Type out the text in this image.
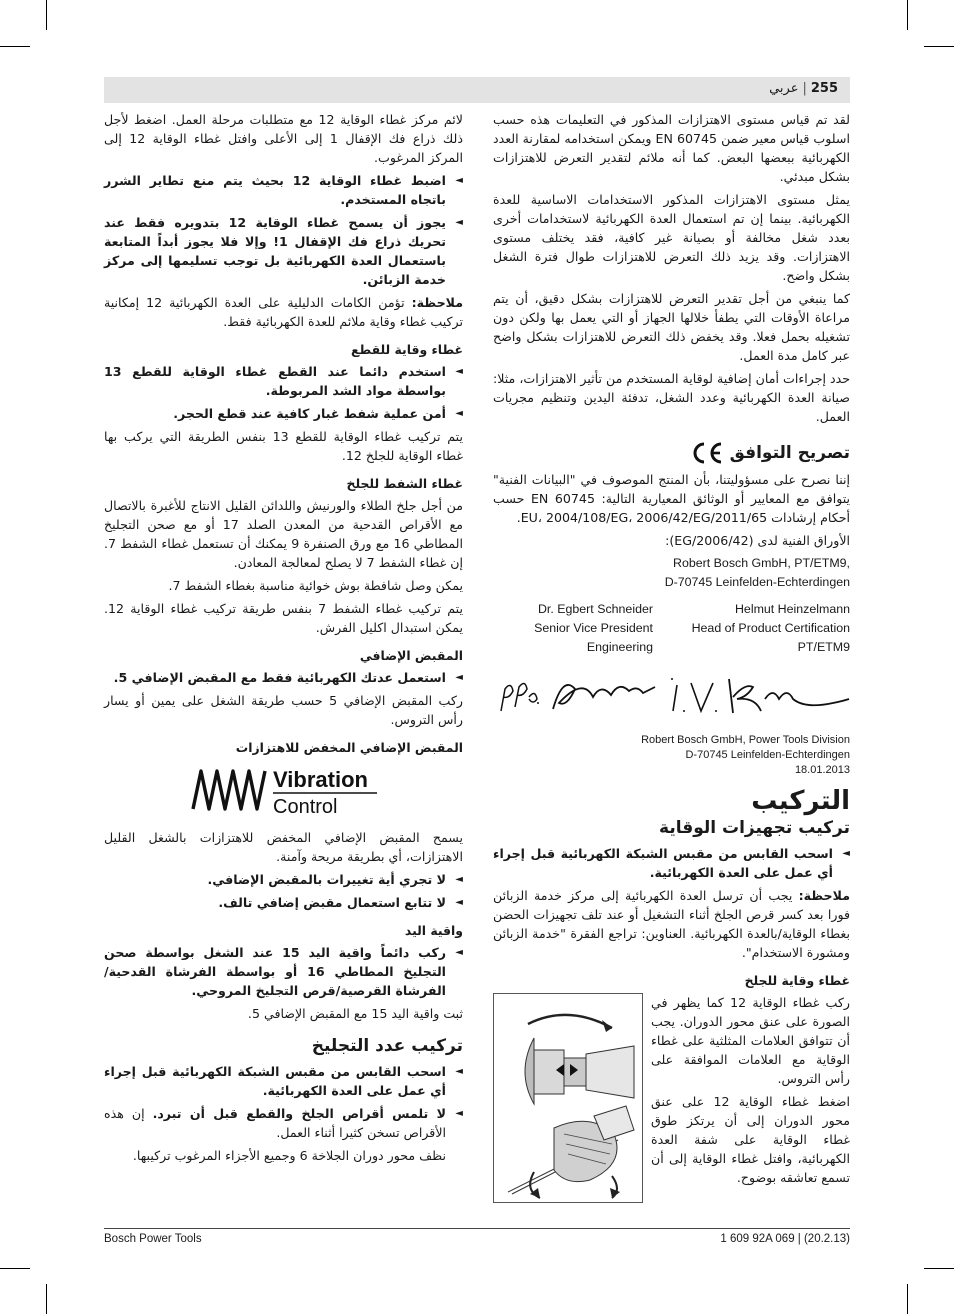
255|عربي

لقد تم قياس مستوى الاهتزازات المذكور في التعليمات هذه حسب اسلوب قياس معير ضمن EN 60745 ويمكن استخدامه لمقارنة العدد الكهربائية ببعضها البعض. كما أنه ملائم لتقدير التعرض للاهتزازات بشكل مبدئي.

يمثل مستوى الاهتزازات المذكور الاستخدامات الاساسية للعدة الكهربائية. بينما إن تم استعمال العدة الكهربائية لاستخدامات أخرى بعدد شغل مخالفة أو بصيانة غير كافية، فقد يختلف مستوى الاهتزازات. وقد يزيد ذلك التعرض للاهتزازات طوال فترة الشغل بشكل واضح.

كما ينبغي من أجل تقدير التعرض للاهتزازات بشكل دقيق، أن يتم مراعاة الأوقات التي يطفأ خلالها الجهاز أو التي يعمل بها ولكن دون تشغيله بحمل فعلا. وقد يخفض ذلك التعرض للاهتزازات بشكل واضح عبر كامل مدة العمل.

حدد إجراءات أمان إضافية لوقاية المستخدم من تأثير الاهتزازات، مثلا: صيانة العدة الكهربائية وعدد الشغل، تدفئة اليدين وتنظيم مجريات العمل.

تصريح التوافق

إننا نصرح على مسؤوليتنا، بأن المنتج الموصوف في "البيانات الفنية" يتوافق مع المعايير أو الوثائق المعيارية التالية: EN 60745 حسب أحكام إرشادات 2011/65/EU، 2004/108/EG، 2006/42/EG.

الأوراق الفنية لدى (2006/42/EG):

Robert Bosch GmbH, PT/ETM9,
D-70745 Leinfelden-Echterdingen
Dr. Egbert Schneider
Senior Vice President
Engineering
Helmut Heinzelmann
Head of Product Certification
PT/ETM9
Robert Bosch GmbH, Power Tools Division
D-70745 Leinfelden-Echterdingen
18.01.2013
التركيب
تركيب تجهيزات الوقاية
◄ اسحب القابس من مقبس الشبكة الكهربائية قبل إجراء أي عمل على العدة الكهربائية.

ملاحظة: يجب أن ترسل العدة الكهربائية إلى مركز خدمة الزبائن فورا بعد كسر قرص الجلخ أثناء التشغيل أو عند تلف تجهيزات الحضن بغطاء الوقاية/بالعدة الكهربائية. العناوين: تراجع الفقرة "خدمة الزبائن ومشورة الاستخدام".

غطاء وقاية للجلخ

ركب غطاء الوقاية 12 كما يظهر في الصورة على عنق محور الدوران. يجب أن تتوافق العلامات المثلثية على غطاء الوقاية مع العلامات الموافقة على رأس التروس.

اضغط غطاء الوقاية 12 على عنق محور الدوران إلى أن يرتكز طوق غطاء الوقاية على شفة العدة الكهربائية، وافتل غطاء الوقاية إلى أن تسمع تعاشقه بوضوح.

لائم مركز غطاء الوقاية 12 مع متطلبات مرحلة العمل. اضغط لأجل ذلك ذراع فك الإقفال 1 إلى الأعلى وافتل غطاء الوقاية 12 إلى المركز المرغوب.

◄ اضبط غطاء الوقاية 12 بحيث يتم منع تطاير الشرر باتجاه المستخدم.
◄ يجوز أن يسمح غطاء الوقاية 12 بتدويره فقط عند تحريك ذراع فك الإقفال 1! وإلا فلا يجوز أبداً المتابعة باستعمال العدة الكهربائية بل توجب تسليمها إلى مركز خدمة الزبائن.

ملاحظة: تؤمن الكامات الدليلية على العدة الكهربائية 12 إمكانية تركيب غطاء وقاية ملائم للعدة الكهربائية فقط.

غطاء وقاية للقطع
◄ استخدم دائما عند القطع غطاء الوقاية للقطع 13 بواسطة مواد الشد المربوطة.
◄ أمن عملية شفط غبار كافية عند قطع الحجر.

يتم تركيب غطاء الوقاية للقطع 13 بنفس الطريقة التي يركب بها غطاء الوقاية للجلخ 12.

غطاء الشفط للجلخ

من أجل جلخ الطلاء والورنيش واللدائن القليل الانتاج للأغبرة بالاتصال مع الأقراص القدحية من المعدن الصلد 17 أو مع صحن التجليخ المطاطي 16 مع ورق الصنفرة 9 يمكنك أن تستعمل غطاء الشفط 7. إن غطاء الشفط 7 لا يصلح لمعالجة المعادن.

يمكن وصل شافطة بوش خوائية مناسبة بغطاء الشفط 7.

يتم تركيب غطاء الشفط 7 بنفس طريقة تركيب غطاء الوقاية 12. يمكن استبدال اكليل الفرش.

المقبض الإضافي
◄ استعمل عدتك الكهربائية فقط مع المقبض الإضافي 5.

ركب المقبض الإضافي 5 حسب طريقة الشغل على يمين أو يسار رأس التروس.

المقبض الإضافي المخفض للاهتزازات
Vibration
Control

يسمح المقبض الإضافي المخفض للاهتزازات بالشغل القليل الاهتزازات، أي بطريقة مريحة وآمنة.

◄ لا تجري أية تغييرات بالمقبض الإضافي.
◄ لا تتابع استعمال مقبض إضافي تالف.
واقية اليد
◄ ركب دائماً واقية اليد 15 عند الشغل بواسطة صحن التجليخ المطاطي 16 أو بواسطة الفرشاة القدحية/الفرشاة القرصية/قرص التجليخ المروحي.

ثبت واقية اليد 15 مع المقبض الإضافي 5.

تركيب عدد التجليخ
◄ اسحب القابس من مقبس الشبكة الكهربائية قبل إجراء أي عمل على العدة الكهربائية.
◄ لا تلمس أقراص الجلخ والقطع قبل أن تبرد. إن هذه الأقراص تسخن كثيرا أثناء العمل.

نظف محور دوران الجلاخة 6 وجميع الأجزاء المرغوب تركيبها.

Bosch Power Tools	1 609 92A 069 | (20.2.13)
